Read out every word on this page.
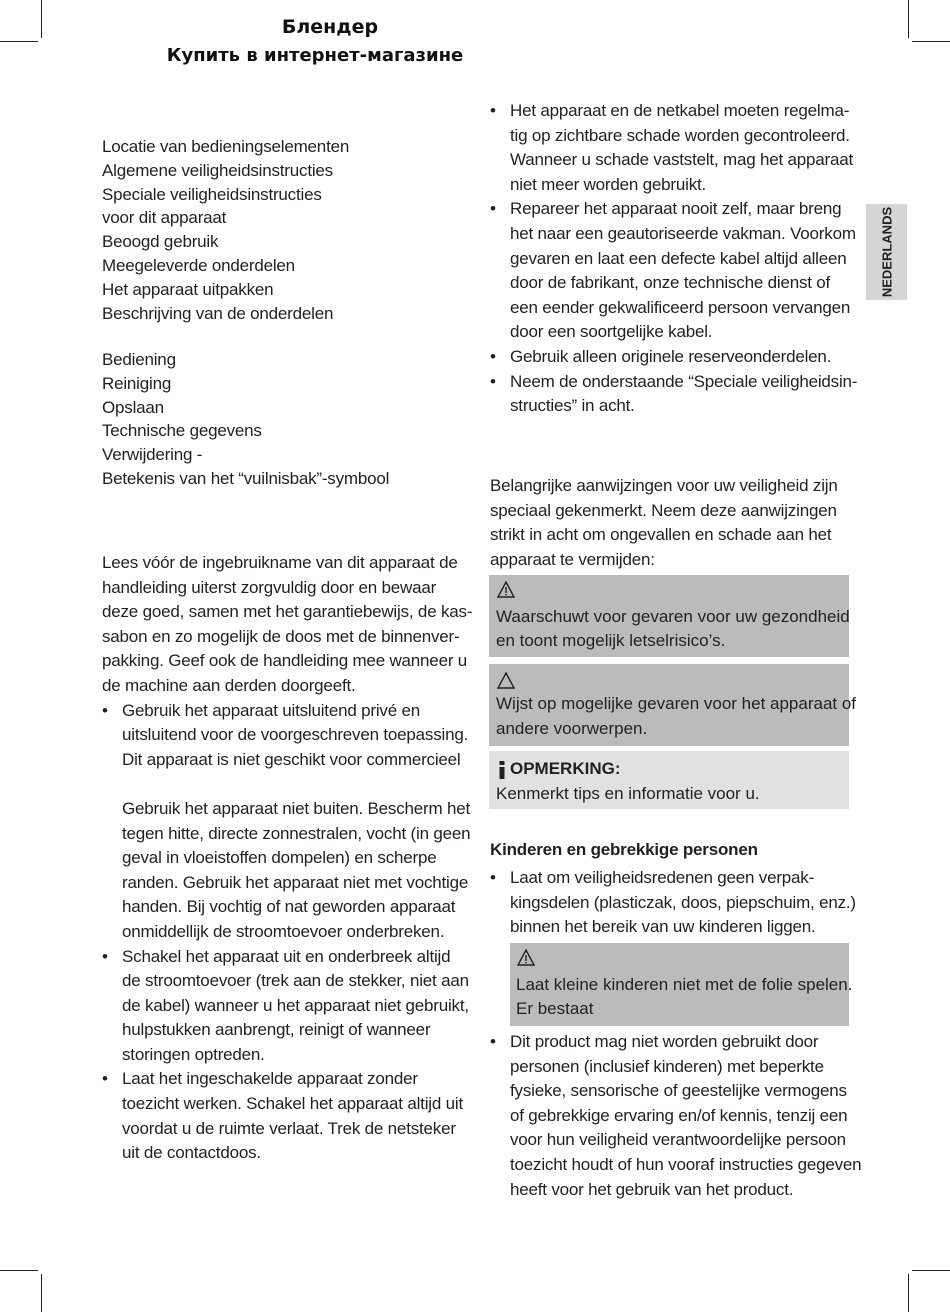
Блендер
Купить в интернет-магазине
NEDERLANDS
Locatie van bedieningselementen
Algemene veiligheidsinstructies
Speciale veiligheidsinstructies
voor dit apparaat
Beoogd gebruik
Meegeleverde onderdelen
Het apparaat uitpakken
Beschrijving van de onderdelen
Bediening
Reiniging
Opslaan
Technische gegevens
Verwijdering -
Betekenis van het “vuilnisbak”-symbool
Lees vóór de ingebruikname van dit apparaat de
handleiding uiterst zorgvuldig door en bewaar
deze goed, samen met het garantiebewijs, de kas-
sabon en zo mogelijk de doos met de binnenver-
pakking. Geef ook de handleiding mee wanneer u
de machine aan derden doorgeeft.
• Gebruik het apparaat uitsluitend privé en
uitsluitend voor de voorgeschreven toepassing.
Dit apparaat is niet geschikt voor commercieel
Gebruik het apparaat niet buiten. Bescherm het
tegen hitte, directe zonnestralen, vocht (in geen
geval in vloeistoffen dompelen) en scherpe
randen. Gebruik het apparaat niet met vochtige
handen. Bij vochtig of nat geworden apparaat
onmiddellijk de stroomtoevoer onderbreken.
• Schakel het apparaat uit en onderbreek altijd
de stroomtoevoer (trek aan de stekker, niet aan
de kabel) wanneer u het apparaat niet gebruikt,
hulpstukken aanbrengt, reinigt of wanneer
storingen optreden.
• Laat het ingeschakelde apparaat zonder
toezicht werken. Schakel het apparaat altijd uit
voordat u de ruimte verlaat. Trek de netsteker
uit de contactdoos.
• Het apparaat en de netkabel moeten regelma-
tig op zichtbare schade worden gecontroleerd.
Wanneer u schade vaststelt, mag het apparaat
niet meer worden gebruikt.
• Repareer het apparaat nooit zelf, maar breng
het naar een geautoriseerde vakman. Voorkom
gevaren en laat een defecte kabel altijd alleen
door de fabrikant, onze technische dienst of
een eender gekwalificeerd persoon vervangen
door een soortgelijke kabel.
• Gebruik alleen originele reserveonderdelen.
• Neem de onderstaande “Speciale veiligheidsin-
structies” in acht.
Belangrijke aanwijzingen voor uw veiligheid zijn
speciaal gekenmerkt. Neem deze aanwijzingen
strikt in acht om ongevallen en schade aan het
apparaat te vermijden:
Waarschuwt voor gevaren voor uw gezondheid
en toont mogelijk letselrisico’s.
Wijst op mogelijke gevaren voor het apparaat of
andere voorwerpen.
OPMERKING:
Kenmerkt tips en informatie voor u.
Kinderen en gebrekkige personen
• Laat om veiligheidsredenen geen verpak-
kingsdelen (plasticzak, doos, piepschuim, enz.)
binnen het bereik van uw kinderen liggen.
Laat kleine kinderen niet met de folie spelen.
Er bestaat
• Dit product mag niet worden gebruikt door
personen (inclusief kinderen) met beperkte
fysieke, sensorische of geestelijke vermogens
of gebrekkige ervaring en/of kennis, tenzij een
voor hun veiligheid verantwoordelijke persoon
toezicht houdt of hun vooraf instructies gegeven
heeft voor het gebruik van het product.
